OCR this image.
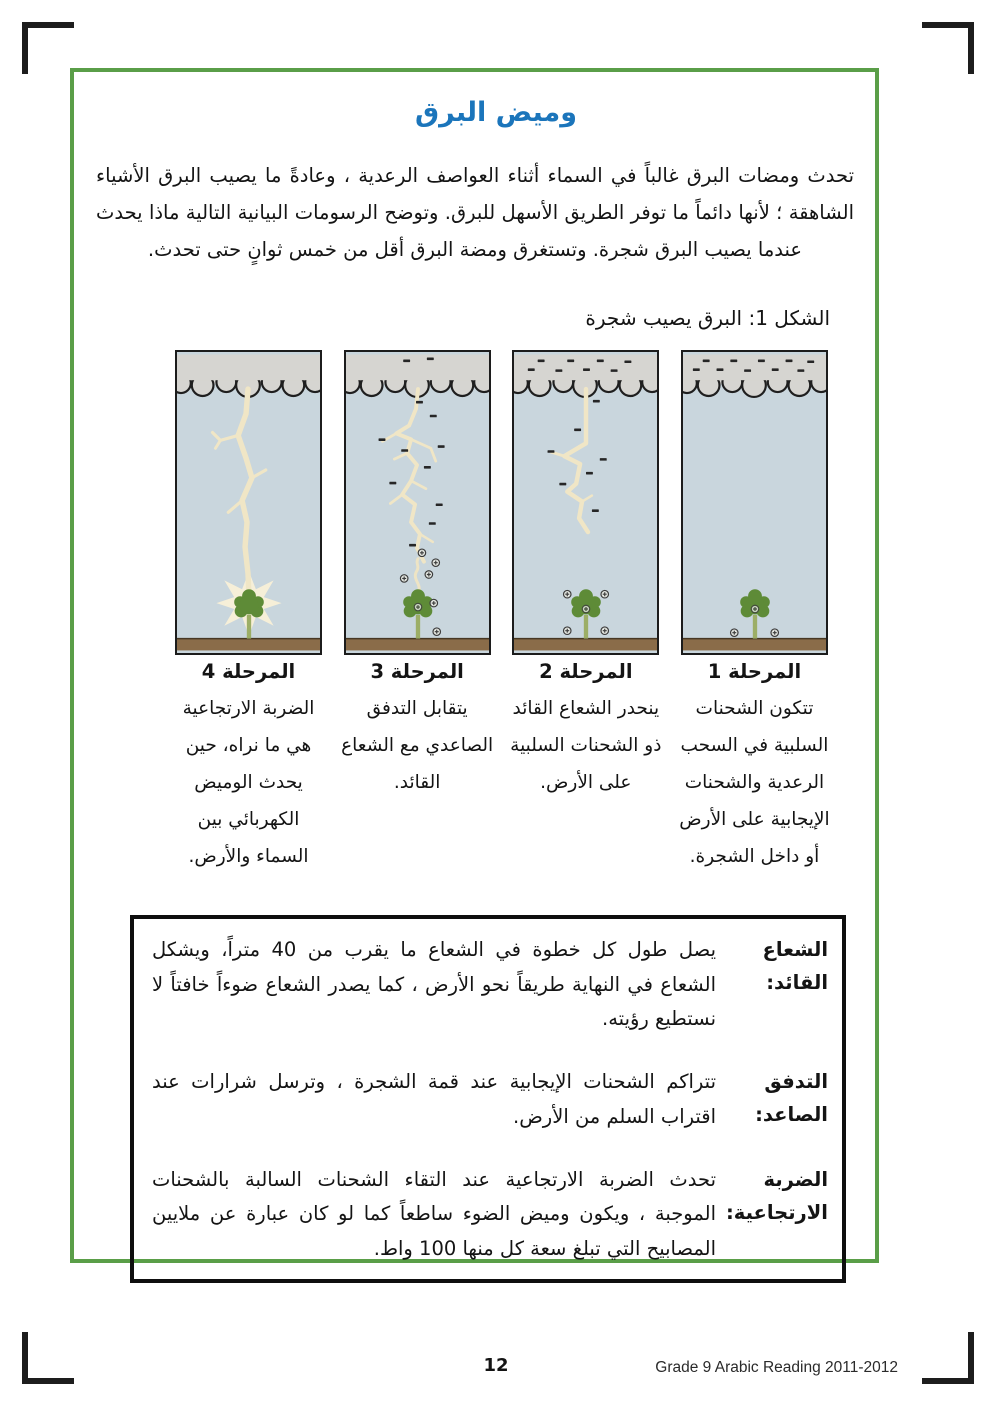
وميض البرق
تحدث ومضات البرق غالباً في السماء أثناء العواصف الرعدية ، وعادةً ما يصيب البرق الأشياء الشاهقة ؛ لأنها دائماً ما توفر الطريق الأسهل للبرق. وتوضح الرسومات البيانية التالية ماذا يحدث عندما يصيب البرق شجرة. وتستغرق ومضة البرق أقل من خمس ثوانٍ حتى تحدث.
الشكل 1: البرق يصيب شجرة
المرحلة 1
تتكون الشحنات السلبية في السحب الرعدية والشحنات الإيجابية على الأرض أو داخل الشجرة.
المرحلة 2
ينحدر الشعاع القائد ذو الشحنات السلبية على الأرض.
المرحلة 3
يتقابل التدفق الصاعدي مع الشعاع القائد.
المرحلة 4
الضربة الارتجاعية هي ما نراه، حين يحدث الوميض الكهربائي بين السماء والأرض.
الشعاع القائد:
يصل طول كل خطوة في الشعاع ما يقرب من 40 متراً، ويشكل الشعاع في النهاية طريقاً نحو الأرض ، كما يصدر الشعاع ضوءاً خافتاً لا نستطيع رؤيته.
التدفق الصاعد:
تتراكم الشحنات الإيجابية عند قمة الشجرة ، وترسل شرارات عند اقتراب السلم من الأرض.
الضربة الارتجاعية:
تحدث الضربة الارتجاعية عند التقاء الشحنات السالبة بالشحنات الموجبة ، ويكون وميض الضوء ساطعاً كما لو كان عبارة عن ملايين المصابيح التي تبلغ سعة كل منها 100 واط.
12	Grade 9 Arabic Reading 2011-2012
